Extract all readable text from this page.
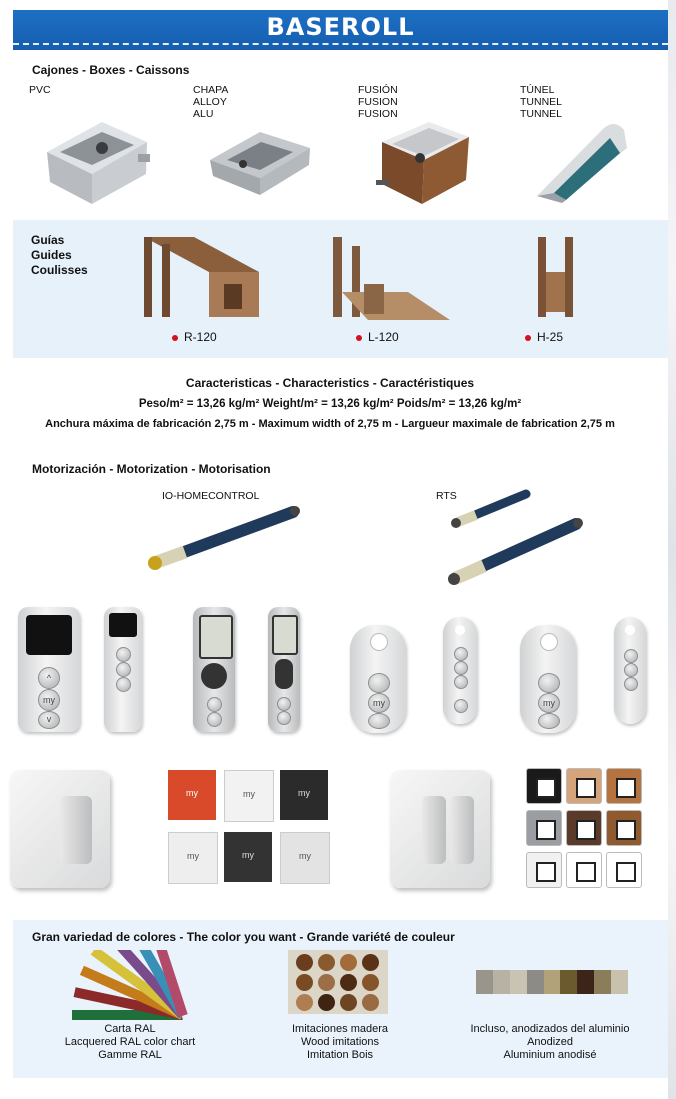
BASEROLL
Cajones - Boxes - Caissons
PVC	CHAPA
ALLOY
ALU
FUSIÓN
FUSION
FUSION
TÚNEL
TUNNEL
TUNNEL
Guías
Guides
Coulisses
R-120	L-120	H-25
Caracteristicas - Characteristics - Caractéristiques
Peso/m² = 13,26 kg/m² Weight/m² = 13,26 kg/m² Poids/m² = 13,26 kg/m²
Anchura máxima de fabricación 2,75 m - Maximum width of 2,75 m - Largueur maximale de fabrication 2,75 m
Motorización - Motorization - Motorisation
IO-HOMECONTROL	RTS
^
my
v
my	my
my	my	my
my	my	my
Gran variedad de colores - The color you want - Grande variété de couleur
Carta RAL
Lacquered RAL color chart
Gamme RAL
Imitaciones madera
Wood imitations
Imitation Bois
Incluso, anodizados del aluminio
Anodized
Aluminium anodisé
